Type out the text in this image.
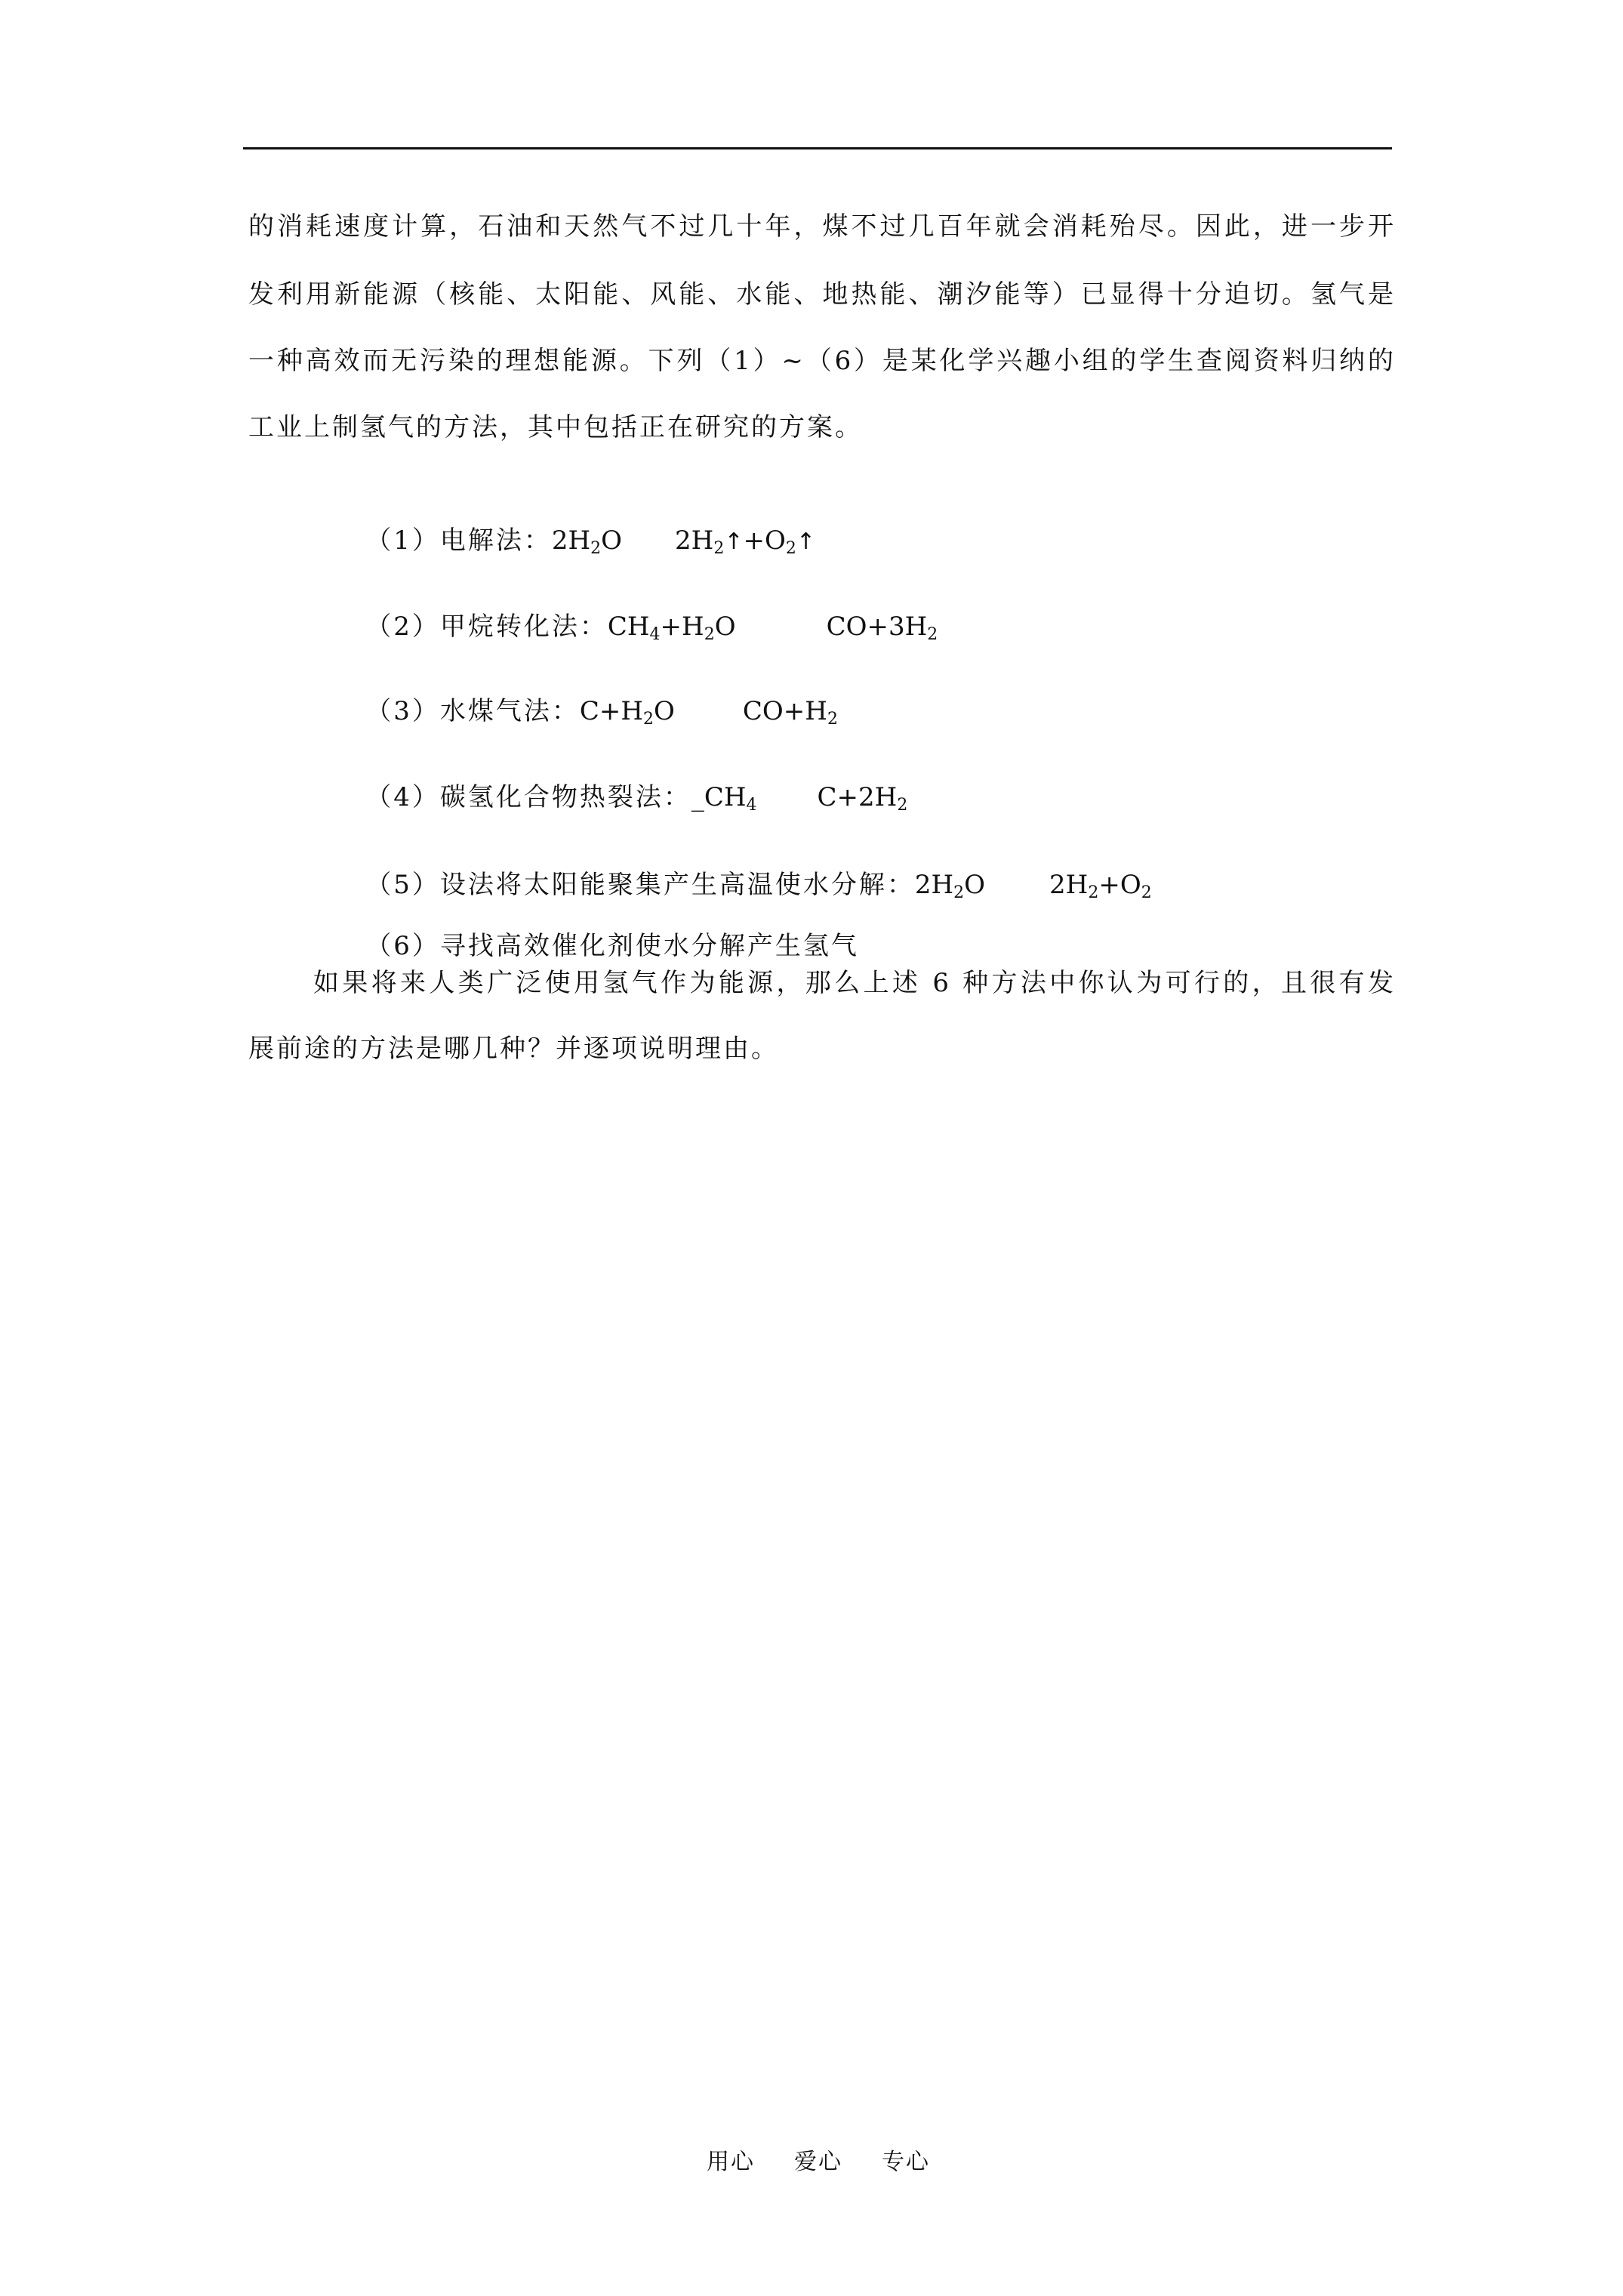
的消耗速度计算，石油和天然气不过几十年，煤不过几百年就会消耗殆尽。因此，进一步开
发利用新能源（核能、太阳能、风能、水能、地热能、潮汐能等）已显得十分迫切。氢气是
一种高效而无污染的理想能源。下列（1）~（6）是某化学兴趣小组的学生查阅资料归纳的
工业上制氢气的方法，其中包括正在研究的方案。

（1）电解法：$2H_2O$ $2H_2↑+O_2↑$

（2）甲烷转化法：$CH_4+H_2O$	$CO+3H_2$

（3）水煤气法：$C+H_2O$	$CO+H_2$

（4）碳氢化合物热裂法：$\_CH_4$ $C+2H_2$

（5）设法将太阳能聚集产生高温使水分解：$2H_2O$	$2H_2+O_2$

（6）寻找高效催化剂使水分解产生氢气

如果将来人类广泛使用氢气作为能源，那么上述 6 种方法中你认为可行的，且很有发
展前途的方法是哪几种？并逐项说明理由。
用心 爱心 专心
